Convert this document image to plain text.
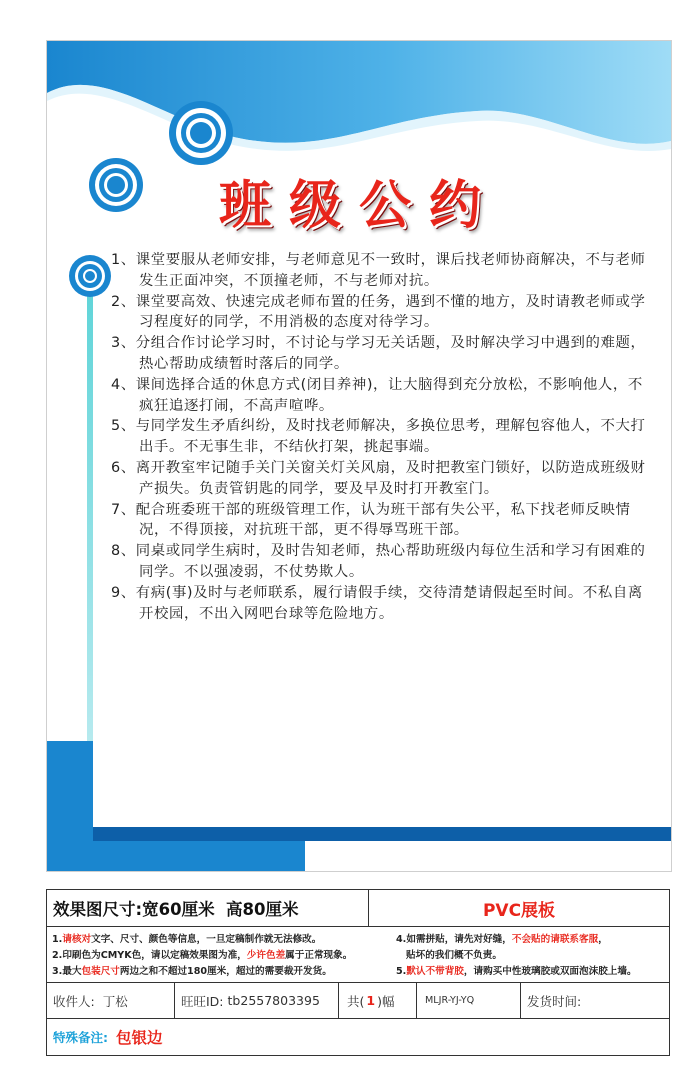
班级公约
1、课堂要服从老师安排，与老师意见不一致时，课后找老师协商解决，不与老师发生正面冲突，不顶撞老师，不与老师对抗。
2、课堂要高效、快速完成老师布置的任务，遇到不懂的地方，及时请教老师或学习程度好的同学，不用消极的态度对待学习。
3、分组合作讨论学习时，不讨论与学习无关话题，及时解决学习中遇到的难题，热心帮助成绩暂时落后的同学。
4、课间选择合适的休息方式(闭目养神)，让大脑得到充分放松，不影响他人，不疯狂追逐打闹，不高声喧哗。
5、与同学发生矛盾纠纷，及时找老师解决，多换位思考，理解包容他人，不大打出手。不无事生非，不结伙打架，挑起事端。
6、离开教室牢记随手关门关窗关灯关风扇，及时把教室门锁好，以防造成班级财产损失。负责管钥匙的同学，要及早及时打开教室门。
7、配合班委班干部的班级管理工作，认为班干部有失公平，私下找老师反映情况，不得顶接，对抗班干部，更不得辱骂班干部。
8、同桌或同学生病时，及时告知老师，热心帮助班级内每位生活和学习有困难的同学。不以强凌弱，不仗势欺人。
9、有病(事)及时与老师联系，履行请假手续，交待清楚请假起至时间。不私自离开校园，不出入网吧台球等危险地方。
效果图尺寸: 宽60厘米  高80厘米	PVC展板
1.请核对文字、尺寸、颜色等信息，一旦定稿制作就无法修改。
2.印刷色为CMYK色，请以定稿效果图为准，少许色差属于正常现象。
3.最大包装尺寸两边之和不超过180厘米，超过的需要裁开发货。
4.如需拼贴，请先对好缝，不会贴的请联系客服，
贴坏的我们概不负责。
5.默认不带背胶，请购买中性玻璃胶或双面泡沫胶上墙。
收件人: 丁松	旺旺ID: tb2557803395 共( 1 )幅	MLJR-YJ-YQ	发货时间:
特殊备注: 包银边
